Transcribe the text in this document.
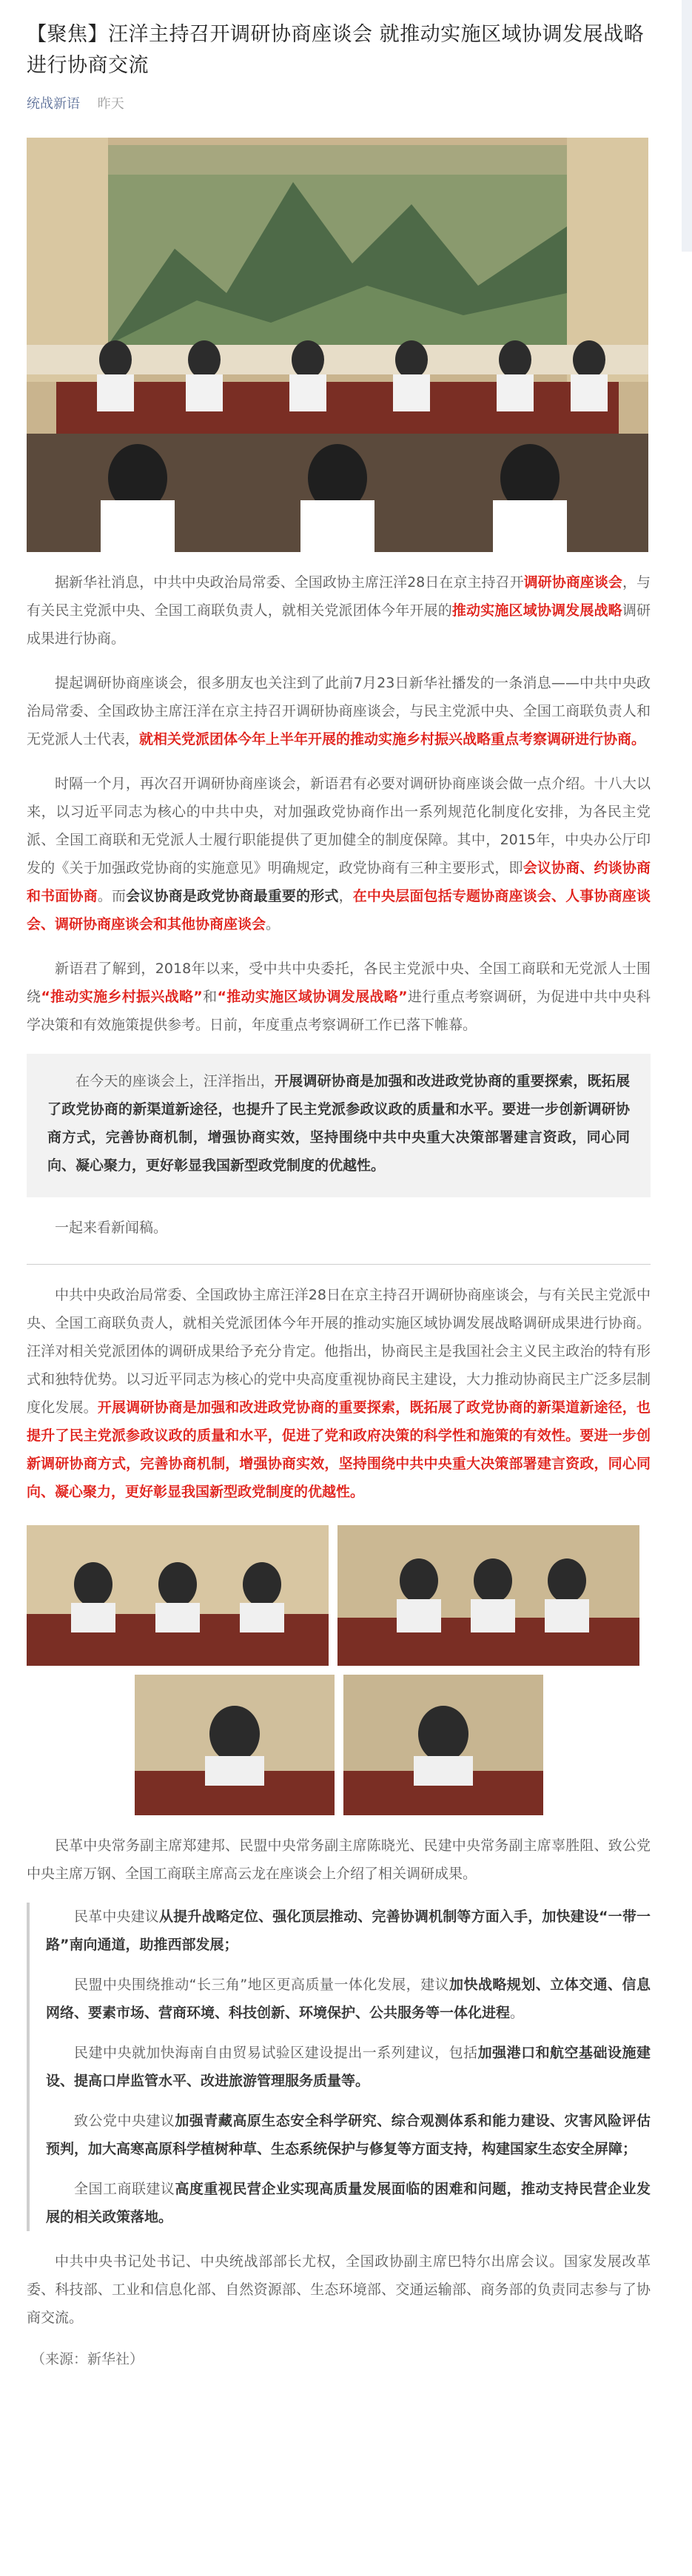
【聚焦】汪洋主持召开调研协商座谈会 就推动实施区域协调发展战略进行协商交流
统战新语 昨天

据新华社消息，中共中央政治局常委、全国政协主席汪洋28日在京主持召开调研协商座谈会，与有关民主党派中央、全国工商联负责人，就相关党派团体今年开展的推动实施区域协调发展战略调研成果进行协商。

提起调研协商座谈会，很多朋友也关注到了此前7月23日新华社播发的一条消息——中共中央政治局常委、全国政协主席汪洋在京主持召开调研协商座谈会，与民主党派中央、全国工商联负责人和无党派人士代表，就相关党派团体今年上半年开展的推动实施乡村振兴战略重点考察调研进行协商。

时隔一个月，再次召开调研协商座谈会，新语君有必要对调研协商座谈会做一点介绍。十八大以来，以习近平同志为核心的中共中央，对加强政党协商作出一系列规范化制度化安排，为各民主党派、全国工商联和无党派人士履行职能提供了更加健全的制度保障。其中，2015年，中央办公厅印发的《关于加强政党协商的实施意见》明确规定，政党协商有三种主要形式，即会议协商、约谈协商和书面协商。而会议协商是政党协商最重要的形式，在中央层面包括专题协商座谈会、人事协商座谈会、调研协商座谈会和其他协商座谈会。

新语君了解到，2018年以来，受中共中央委托，各民主党派中央、全国工商联和无党派人士围绕“推动实施乡村振兴战略”和“推动实施区域协调发展战略”进行重点考察调研，为促进中共中央科学决策和有效施策提供参考。日前，年度重点考察调研工作已落下帷幕。

在今天的座谈会上，汪洋指出，开展调研协商是加强和改进政党协商的重要探索，既拓展了政党协商的新渠道新途径，也提升了民主党派参政议政的质量和水平。要进一步创新调研协商方式，完善协商机制，增强协商实效，坚持围绕中共中央重大决策部署建言资政，同心同向、凝心聚力，更好彰显我国新型政党制度的优越性。

一起来看新闻稿。

中共中央政治局常委、全国政协主席汪洋28日在京主持召开调研协商座谈会，与有关民主党派中央、全国工商联负责人，就相关党派团体今年开展的推动实施区域协调发展战略调研成果进行协商。汪洋对相关党派团体的调研成果给予充分肯定。他指出，协商民主是我国社会主义民主政治的特有形式和独特优势。以习近平同志为核心的党中央高度重视协商民主建设，大力推动协商民主广泛多层制度化发展。开展调研协商是加强和改进政党协商的重要探索，既拓展了政党协商的新渠道新途径，也提升了民主党派参政议政的质量和水平，促进了党和政府决策的科学性和施策的有效性。要进一步创新调研协商方式，完善协商机制，增强协商实效，坚持围绕中共中央重大决策部署建言资政，同心同向、凝心聚力，更好彰显我国新型政党制度的优越性。

民革中央常务副主席郑建邦、民盟中央常务副主席陈晓光、民建中央常务副主席辜胜阻、致公党中央主席万钢、全国工商联主席高云龙在座谈会上介绍了相关调研成果。

民革中央建议从提升战略定位、强化顶层推动、完善协调机制等方面入手，加快建设“一带一路”南向通道，助推西部发展；

民盟中央围绕推动“长三角”地区更高质量一体化发展，建议加快战略规划、立体交通、信息网络、要素市场、营商环境、科技创新、环境保护、公共服务等一体化进程。

民建中央就加快海南自由贸易试验区建设提出一系列建议，包括加强港口和航空基础设施建设、提高口岸监管水平、改进旅游管理服务质量等。

致公党中央建议加强青藏高原生态安全科学研究、综合观测体系和能力建设、灾害风险评估预判，加大高寒高原科学植树种草、生态系统保护与修复等方面支持，构建国家生态安全屏障；

全国工商联建议高度重视民营企业实现高质量发展面临的困难和问题，推动支持民营企业发展的相关政策落地。

中共中央书记处书记、中央统战部部长尤权，全国政协副主席巴特尔出席会议。国家发展改革委、科技部、工业和信息化部、自然资源部、生态环境部、交通运输部、商务部的负责同志参与了协商交流。

（来源：新华社）
